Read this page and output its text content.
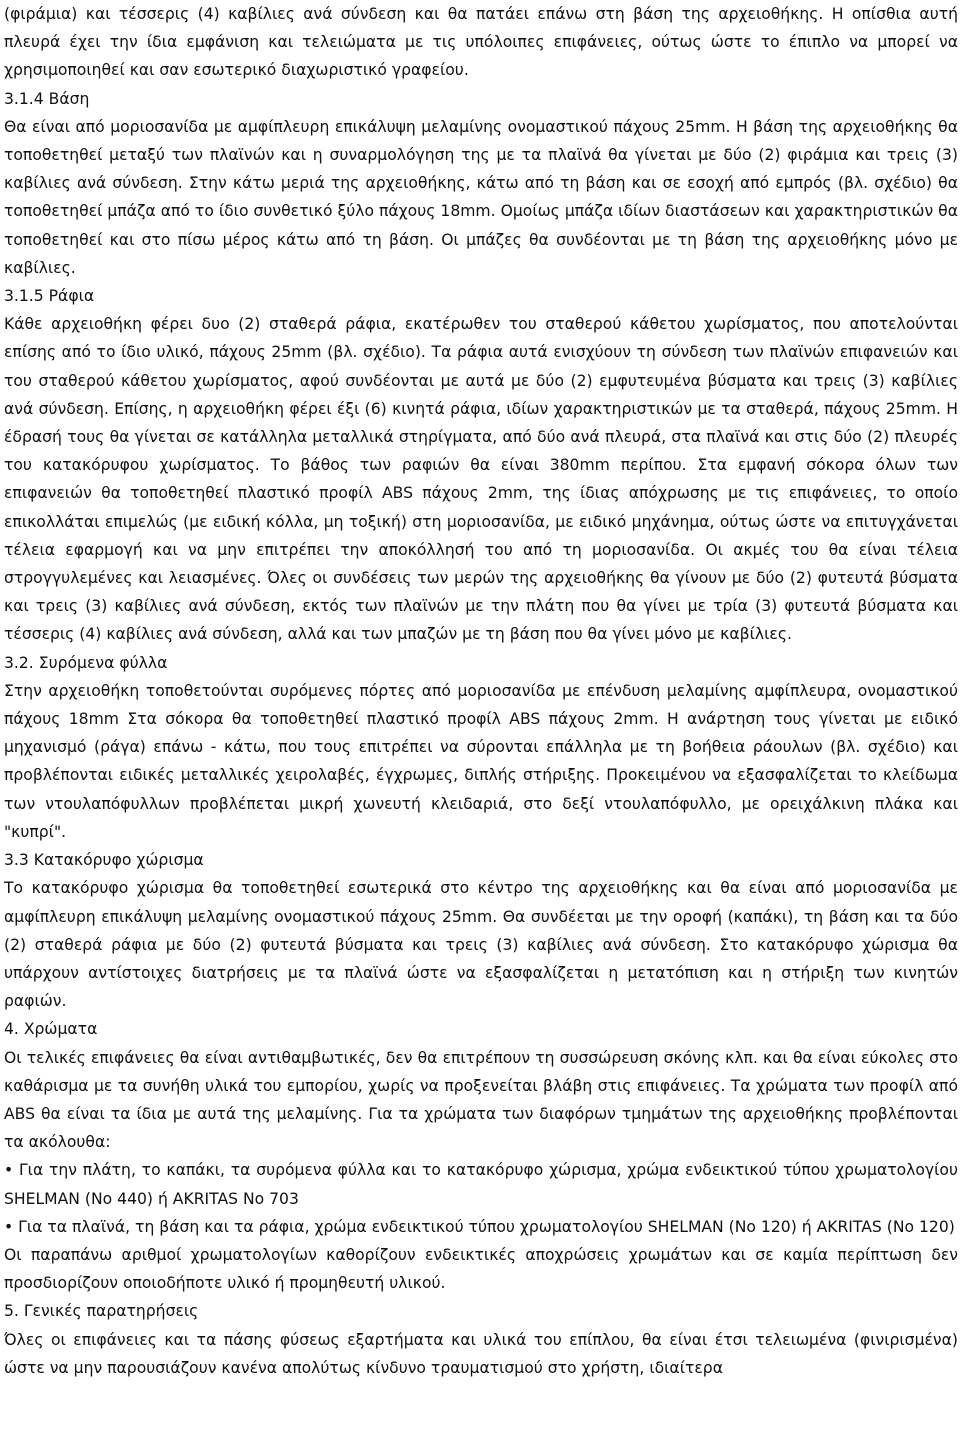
(φιράμια) και τέσσερις (4) καβίλιες ανά σύνδεση και θα πατάει επάνω στη βάση της αρχειοθήκης. Η οπίσθια αυτή πλευρά έχει την ίδια εμφάνιση και τελειώματα με τις υπόλοιπες επιφάνειες, ούτως ώστε το έπιπλο να μπορεί να χρησιμοποιηθεί και σαν εσωτερικό διαχωριστικό γραφείου.

3.1.4 Βάση

Θα είναι από μοριοσανίδα με αμφίπλευρη επικάλυψη μελαμίνης ονομαστικού πάχους 25mm. Η βάση της αρχειοθήκης θα τοποθετηθεί μεταξύ των πλαϊνών και η συναρμολόγηση της με τα πλαϊνά θα γίνεται με δύο (2) φιράμια και τρεις (3) καβίλιες ανά σύνδεση. Στην κάτω μεριά της αρχειοθήκης, κάτω από τη βάση και σε εσοχή από εμπρός (βλ. σχέδιο) θα τοποθετηθεί μπάζα από το ίδιο συνθετικό ξύλο πάχους 18mm. Ομοίως μπάζα ιδίων διαστάσεων και χαρακτηριστικών θα τοποθετηθεί και στο πίσω μέρος κάτω από τη βάση. Οι μπάζες θα συνδέονται με τη βάση της αρχειοθήκης μόνο με καβίλιες.

3.1.5 Ράφια

Κάθε αρχειοθήκη φέρει δυο (2) σταθερά ράφια, εκατέρωθεν του σταθερού κάθετου χωρίσματος, που αποτελούνται επίσης από το ίδιο υλικό, πάχους 25mm (βλ. σχέδιο). Τα ράφια αυτά ενισχύουν τη σύνδεση των πλαϊνών επιφανειών και του σταθερού κάθετου χωρίσματος, αφού συνδέονται με αυτά με δύο (2) εμφυτευμένα βύσματα και τρεις (3) καβίλιες ανά σύνδεση. Επίσης, η αρχειοθήκη φέρει έξι (6) κινητά ράφια, ιδίων χαρακτηριστικών με τα σταθερά, πάχους 25mm. Η έδρασή τους θα γίνεται σε κατάλληλα μεταλλικά στηρίγματα, από δύο ανά πλευρά, στα πλαϊνά και στις δύο (2) πλευρές του κατακόρυφου χωρίσματος. Το βάθος των ραφιών θα είναι 380mm περίπου. Στα εμφανή σόκορα όλων των επιφανειών θα τοποθετηθεί πλαστικό προφίλ ABS πάχους 2mm, της ίδιας απόχρωσης με τις επιφάνειες, το οποίο επικολλάται επιμελώς (με ειδική κόλλα, μη τοξική) στη μοριοσανίδα, με ειδικό μηχάνημα, ούτως ώστε να επιτυγχάνεται τέλεια εφαρμογή και να μην επιτρέπει την αποκόλλησή του από τη μοριοσανίδα. Οι ακμές του θα είναι τέλεια στρογγυλεμένες και λειασμένες. Όλες οι συνδέσεις των μερών της αρχειοθήκης θα γίνουν με δύο (2) φυτευτά βύσματα και τρεις (3) καβίλιες ανά σύνδεση, εκτός των πλαϊνών με την πλάτη που θα γίνει με τρία (3) φυτευτά βύσματα και τέσσερις (4) καβίλιες ανά σύνδεση, αλλά και των μπαζών με τη βάση που θα γίνει μόνο με καβίλιες.

3.2. Συρόμενα φύλλα

Στην αρχειοθήκη τοποθετούνται συρόμενες πόρτες από μοριοσανίδα με επένδυση μελαμίνης αμφίπλευρα, ονομαστικού πάχους 18mm Στα σόκορα θα τοποθετηθεί πλαστικό προφίλ ABS πάχους 2mm. Η ανάρτηση τους γίνεται με ειδικό μηχανισμό (ράγα) επάνω - κάτω, που τους επιτρέπει να σύρονται επάλληλα με τη βοήθεια ράουλων (βλ. σχέδιο) και προβλέπονται ειδικές μεταλλικές χειρολαβές, έγχρωμες, διπλής στήριξης. Προκειμένου να εξασφαλίζεται το κλείδωμα των ντουλαπόφυλλων προβλέπεται μικρή χωνευτή κλειδαριά, στο δεξί ντουλαπόφυλλο, με ορειχάλκινη πλάκα και "κυπρί".

3.3 Κατακόρυφο χώρισμα

Το κατακόρυφο χώρισμα θα τοποθετηθεί εσωτερικά στο κέντρο της αρχειοθήκης και θα είναι από μοριοσανίδα με αμφίπλευρη επικάλυψη μελαμίνης ονομαστικού πάχους 25mm. Θα συνδέεται με την οροφή (καπάκι), τη βάση και τα δύο (2) σταθερά ράφια με δύο (2) φυτευτά βύσματα και τρεις (3) καβίλιες ανά σύνδεση. Στο κατακόρυφο χώρισμα θα υπάρχουν αντίστοιχες διατρήσεις με τα πλαϊνά ώστε να εξασφαλίζεται η μετατόπιση και η στήριξη των κινητών ραφιών.

4. Χρώματα

Οι τελικές επιφάνειες θα είναι αντιθαμβωτικές, δεν θα επιτρέπουν τη συσσώρευση σκόνης κλπ. και θα είναι εύκολες στο καθάρισμα με τα συνήθη υλικά του εμπορίου, χωρίς να προξενείται βλάβη στις επιφάνειες. Τα χρώματα των προφίλ από ABS θα είναι τα ίδια με αυτά της μελαμίνης. Για τα χρώματα των διαφόρων τμημάτων της αρχειοθήκης προβλέπονται τα ακόλουθα:

• Για την πλάτη, το καπάκι, τα συρόμενα φύλλα και το κατακόρυφο χώρισμα, χρώμα ενδεικτικού τύπου χρωματολογίου SHELMAN (No 440) ή AKRITAS No 703

• Για τα πλαϊνά, τη βάση και τα ράφια, χρώμα ενδεικτικού τύπου χρωματολογίου SHELMAN (No 120) ή AKRITAS (No 120)

Οι παραπάνω αριθμοί χρωματολογίων καθορίζουν ενδεικτικές αποχρώσεις χρωμάτων και σε καμία περίπτωση δεν προσδιορίζουν οποιοδήποτε υλικό ή προμηθευτή υλικού.

5. Γενικές παρατηρήσεις

Όλες οι επιφάνειες και τα πάσης φύσεως εξαρτήματα και υλικά του επίπλου, θα είναι έτσι τελειωμένα (φινιρισμένα) ώστε να μην παρουσιάζουν κανένα απολύτως κίνδυνο τραυματισμού στο χρήστη, ιδιαίτερα
